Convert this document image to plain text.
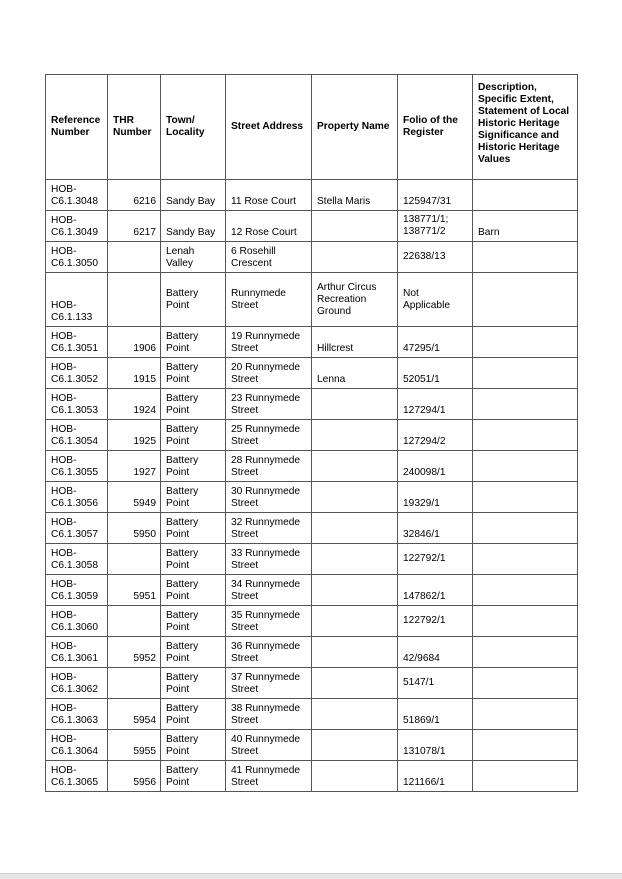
Reference Number	THR Number	Town/ Locality	Street Address	Property Name	Folio of the Register	Description, Specific Extent, Statement of Local Historic Heritage Significance and Historic Heritage Values
HOB-C6.1.3048	6216	Sandy Bay	11 Rose Court	Stella Maris	125947/31	
HOB-C6.1.3049	6217	Sandy Bay	12 Rose Court		138771/1; 138771/2	Barn
HOB-C6.1.3050		Lenah Valley	6 Rosehill Crescent		22638/13	
HOB-C6.1.133		Battery Point	Runnymede Street	Arthur Circus Recreation Ground	Not Applicable	
HOB-C6.1.3051	1906	Battery Point	19 Runnymede Street	Hillcrest	47295/1	
HOB-C6.1.3052	1915	Battery Point	20 Runnymede Street	Lenna	52051/1	
HOB-C6.1.3053	1924	Battery Point	23 Runnymede Street		127294/1	
HOB-C6.1.3054	1925	Battery Point	25 Runnymede Street		127294/2	
HOB-C6.1.3055	1927	Battery Point	28 Runnymede Street		240098/1	
HOB-C6.1.3056	5949	Battery Point	30 Runnymede Street		19329/1	
HOB-C6.1.3057	5950	Battery Point	32 Runnymede Street		32846/1	
HOB-C6.1.3058		Battery Point	33 Runnymede Street		122792/1	
HOB-C6.1.3059	5951	Battery Point	34 Runnymede Street		147862/1	
HOB-C6.1.3060		Battery Point	35 Runnymede Street		122792/1	
HOB-C6.1.3061	5952	Battery Point	36 Runnymede Street		42/9684	
HOB-C6.1.3062		Battery Point	37 Runnymede Street		5147/1	
HOB-C6.1.3063	5954	Battery Point	38 Runnymede Street		51869/1	
HOB-C6.1.3064	5955	Battery Point	40 Runnymede Street		131078/1	
HOB-C6.1.3065	5956	Battery Point	41 Runnymede Street		121166/1	
